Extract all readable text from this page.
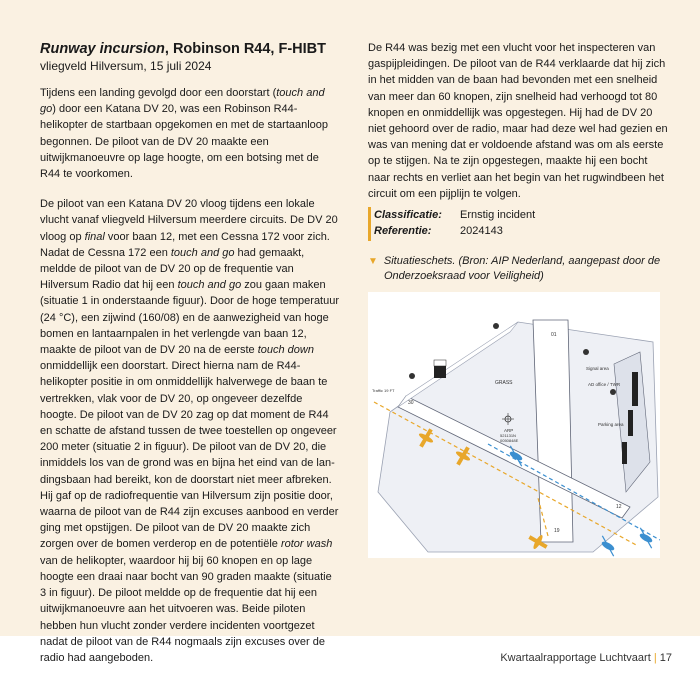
Runway incursion, Robinson R44, F-HIBT

vliegveld Hilversum, 15 juli 2024

Tijdens een landing gevolgd door een doorstart (touch and go) door een Katana DV 20, was een Robinson R44-helikopter de startbaan opgekomen en met de startaanloop begonnen. De piloot van de DV 20 maakte een uitwijkmanoeuvre op lage hoogte, om een botsing met de R44 te voorkomen.

De piloot van een Katana DV 20 vloog tijdens een lokale vlucht vanaf vliegveld Hilversum meerdere circuits. De DV 20 vloog op final voor baan 12, met een Cessna 172 voor zich. Nadat de Cessna 172 een touch and go had gemaakt, meldde de piloot van de DV 20 op de frequentie van Hilversum Radio dat hij een touch and go zou gaan maken (situatie 1 in onderstaande figuur). Door de hoge temperatuur (24 °C), een zijwind (160/08) en de aanwezigheid van hoge bomen en lantaarnpalen in het verlengde van baan 12, maakte de piloot van de DV 20 na de eerste touch down onmiddellijk een doorstart. Direct hierna nam de R44-helikopter positie in om onmiddellijk halverwege de baan te vertrekken, vlak voor de DV 20, op ongeveer dezelfde hoogte. De piloot van de DV 20 zag op dat moment de R44 en schatte de afstand tussen de twee toestellen op ongeveer 200 meter (situatie 2 in figuur). De piloot van de DV 20, die inmiddels los van de grond was en bijna het eind van de landingsbaan had bereikt, kon de doorstart niet meer afbreken. Hij gaf op de radiofrequentie van Hilversum zijn positie door, waarna de piloot van de R44 zijn excuses aanbood en verder ging met opstijgen. De piloot van de DV 20 maakte zich zorgen over de bomen verderop en de potentiële rotor wash van de helikopter, waardoor hij bij 60 knopen en op lage hoogte een draai naar bocht van 90 graden maakte (situatie 3 in figuur). De piloot meldde op de frequentie dat hij een uitwijkmanoeuvre aan het uitvoeren was. Beide piloten hebben hun vlucht zonder verdere incidenten voortgezet nadat de piloot van de R44 nogmaals zijn excuses over de radio had aangeboden.

De R44 was bezig met een vlucht voor het inspecteren van gaspijpleidingen. De piloot van de R44 verklaarde dat hij zich in het midden van de baan had bevonden met een snelheid van meer dan 60 knopen, zijn snelheid had verhoogd tot 80 knopen en onmiddellijk was opgestegen. Hij had de DV 20 niet gehoord over de radio, maar had deze wel had gezien en was van mening dat er voldoende afstand was om als eerste op te stijgen. Na te zijn opgestegen, maakte hij een bocht naar rechts en verliet aan het begin van het rugwindbeen het circuit om een pijplijn te volgen.

Classificatie:	Ernstig incident
Referentie:	2024143
▼ Situatieschets. (Bron: AIP Nederland, aangepast door de
Onderzoeksraad voor Veiligheid)
01
19
30
12
GRASS
ARP
521131N
0050848E
Traffic 19 FT
Signal area
AD office / TWR
Parking area
Kwartaalrapportage Luchtvaart | 17
